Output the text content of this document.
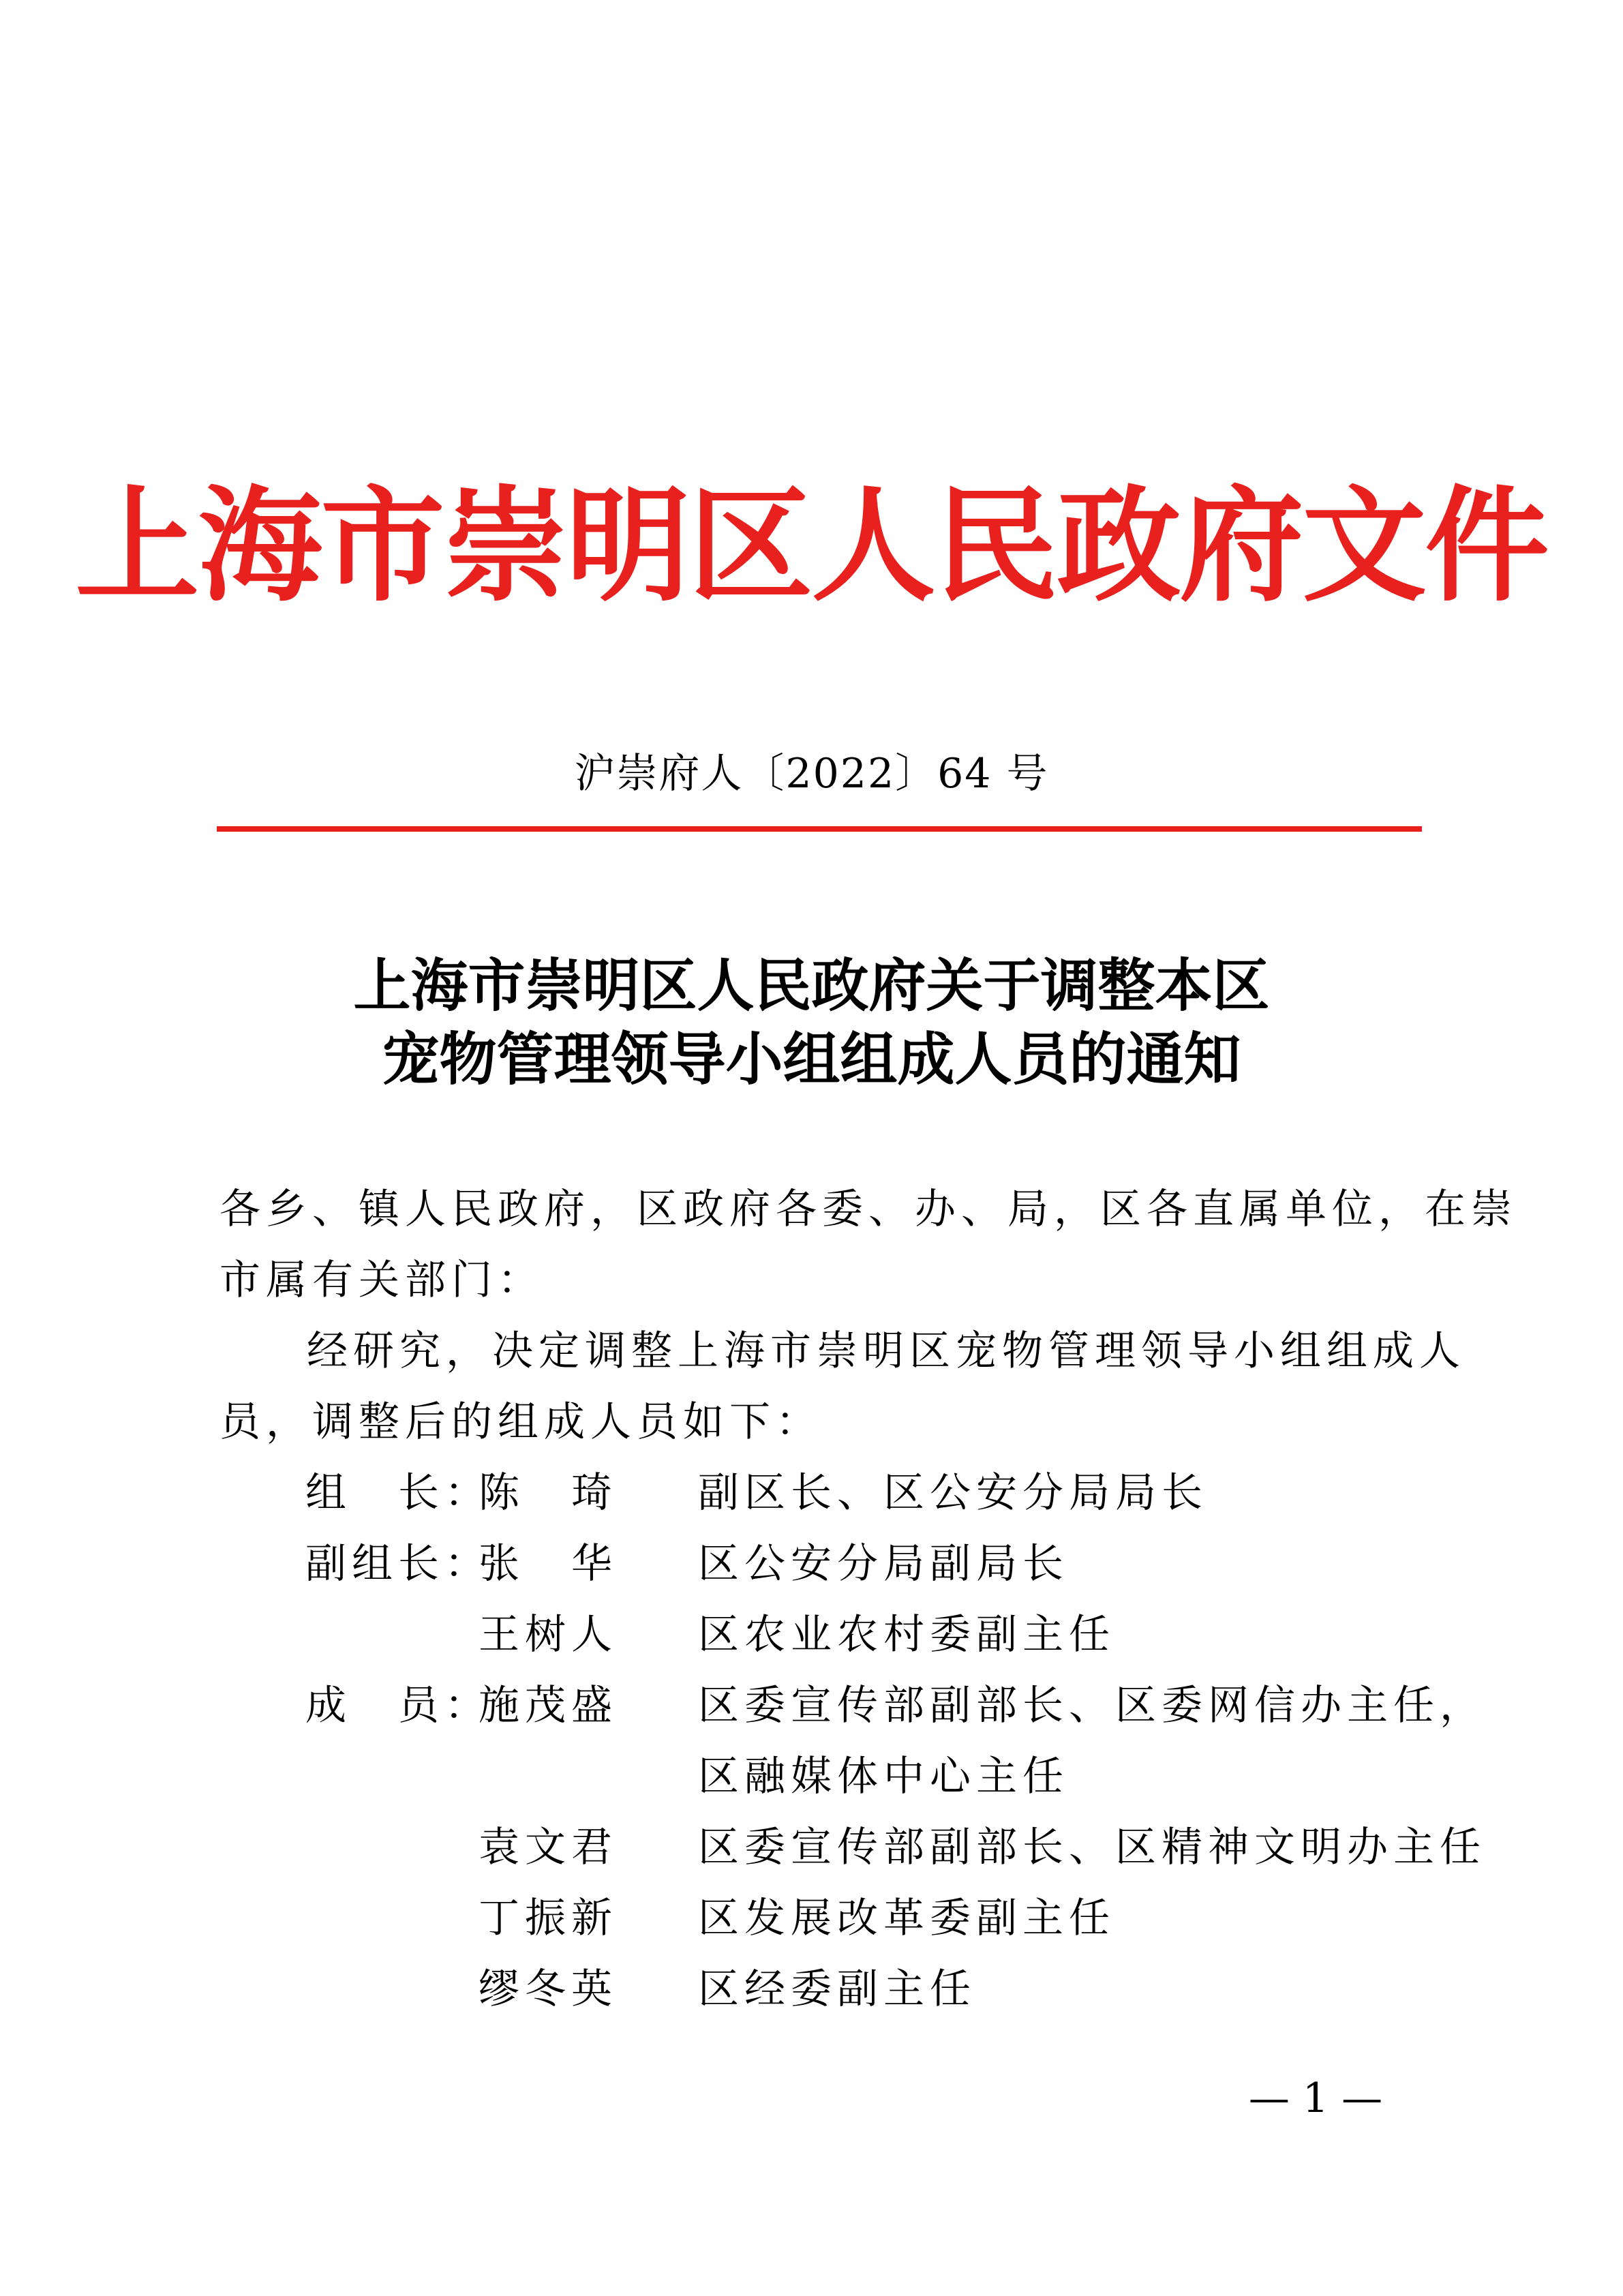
上海市崇明区人民政府文件
沪崇府人〔2022〕64 号
上海市崇明区人民政府关于调整本区
宠物管理领导小组组成人员的通知
各乡、镇人民政府，区政府各委、办、局，区各直属单位，在崇
市属有关部门：
经研究，决定调整上海市崇明区宠物管理领导小组组成人
员，调整后的组成人员如下：
组　长：
陈　琦 副区长、区公安分局局长
副组长：
张　华 区公安分局副局长
王树人 区农业农村委副主任
成　员：
施茂盛 区委宣传部副部长、区委网信办主任，
区融媒体中心主任
袁文君 区委宣传部副部长、区精神文明办主任
丁振新 区发展改革委副主任
缪冬英 区经委副主任
— 1 —
